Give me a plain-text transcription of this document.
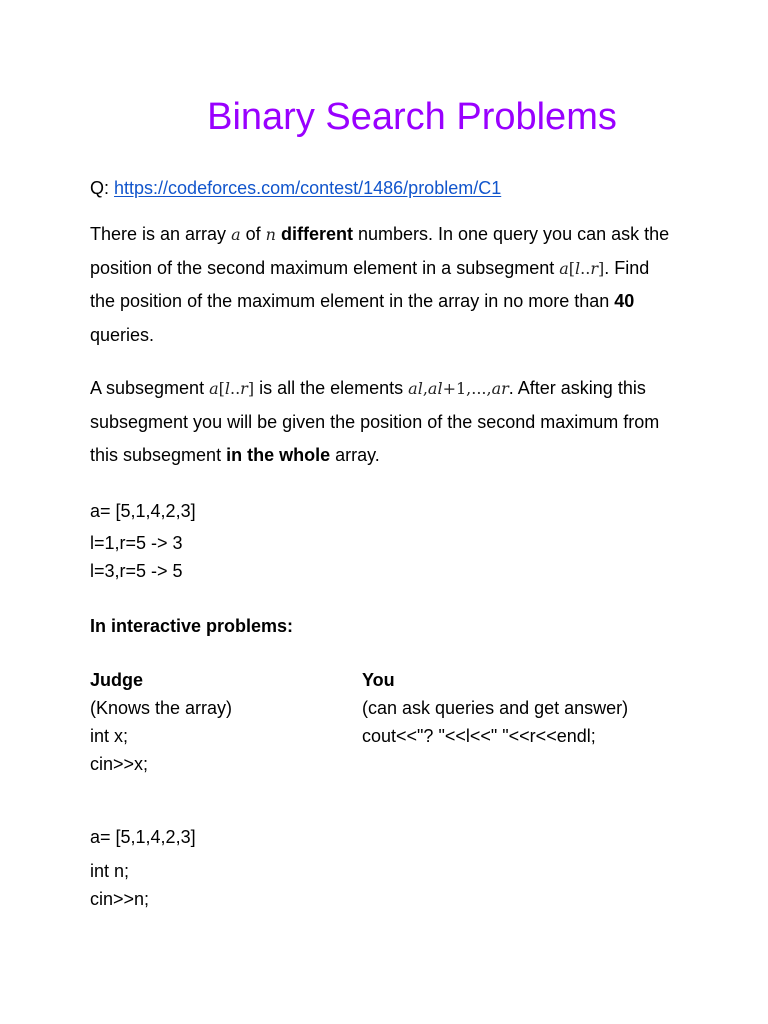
Binary Search Problems
Q: https://codeforces.com/contest/1486/problem/C1
There is an array a of n different numbers. In one query you can ask the position of the second maximum element in a subsegment a[l..r]. Find the position of the maximum element in the array in no more than 40 queries.
A subsegment a[l..r] is all the elements al,al+1,...,ar. After asking this subsegment you will be given the position of the second maximum from this subsegment in the whole array.
a= [5,1,4,2,3]
l=1,r=5 -> 3
l=3,r=5 -> 5
In interactive problems:
Judge
(Knows the array)
int x;
cin>>x;
You
(can ask queries and get answer)
cout<<"? "<<l<<" "<<r<<endl;
a= [5,1,4,2,3]
int n;
cin>>n;
